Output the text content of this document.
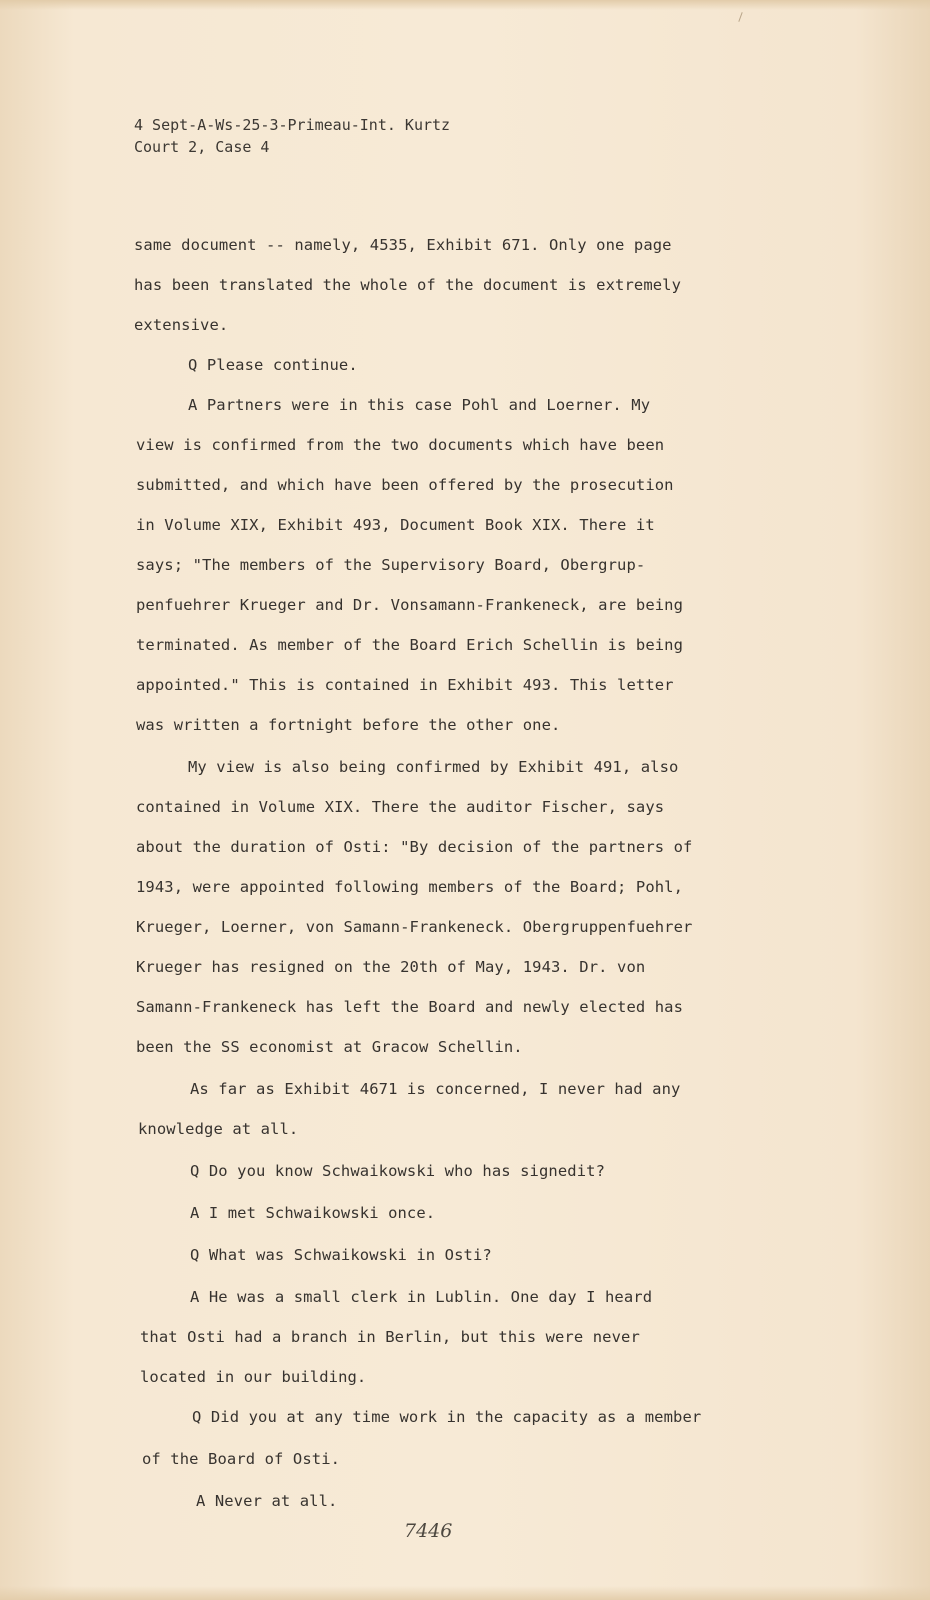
4 Sept-A-Ws-25-3-Primeau-Int. Kurtz
Court 2, Case 4
same document -- namely, 4535, Exhibit 671. Only one page
has been translated the whole of the document is extremely
extensive.
Q Please continue.
A Partners were in this case Pohl and Loerner. My
view is confirmed from the two documents which have been
submitted, and which have been offered by the prosecution
in Volume XIX, Exhibit 493, Document Book XIX. There it
says; "The members of the Supervisory Board, Obergrup-
penfuehrer Krueger and Dr. Vonsamann-Frankeneck, are being
terminated. As member of the Board Erich Schellin is being
appointed." This is contained in Exhibit 493. This letter
was written a fortnight before the other one.
My view is also being confirmed by Exhibit 491, also
contained in Volume XIX. There the auditor Fischer, says
about the duration of Osti: "By decision of the partners of
1943, were appointed following members of the Board; Pohl,
Krueger, Loerner, von Samann-Frankeneck. Obergruppenfuehrer
Krueger has resigned on the 20th of May, 1943. Dr. von
Samann-Frankeneck has left the Board and newly elected has
been the SS economist at Gracow Schellin.
As far as Exhibit 4671 is concerned, I never had any
knowledge at all.
Q Do you know Schwaikowski who has signedit?
A I met Schwaikowski once.
Q What was Schwaikowski in Osti?
A He was a small clerk in Lublin. One day I heard
that Osti had a branch in Berlin, but this were never
located in our building.
Q Did you at any time work in the capacity as a member
of the Board of Osti.
A Never at all.
7446
